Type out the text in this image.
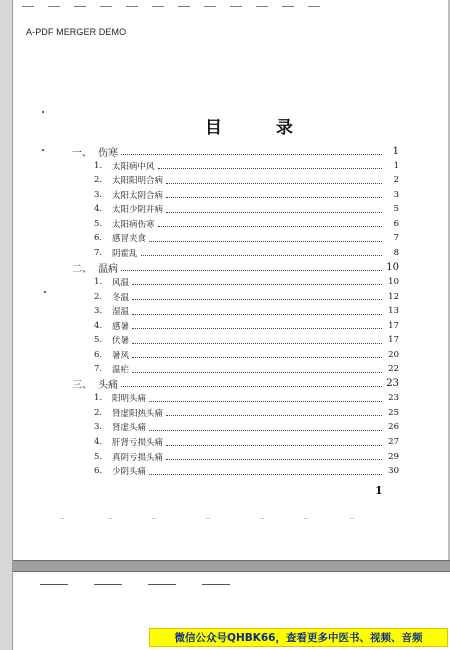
A-PDF MERGER DEMO
目 录
一、 伤寒	1
1.	太阳病中风	1
2.	太阳阳明合病	2
3.	太阳太阴合病	3
4.	太阳少阴并病	5
5.	太阳病伤寒	6
6.	感冒夹食	7
7.	阴霍乱	8
二、 温病	10
1.	风温	10
2.	冬温	12
3.	湿温	13
4.	感暑	17
5.	伏暑	17
6.	暑风	20
7.	温疟	22
三、 头痛	23
1.	阳明头痛	23
2.	肾虚阳热头痛	25
3.	肾虚头痛	26
4.	肝肾亏损头痛	27
5.	真阴亏损头痛	29
6.	少阴头痛	30
1
微信公众号QHBK66，查看更多中医书、视频、音频
